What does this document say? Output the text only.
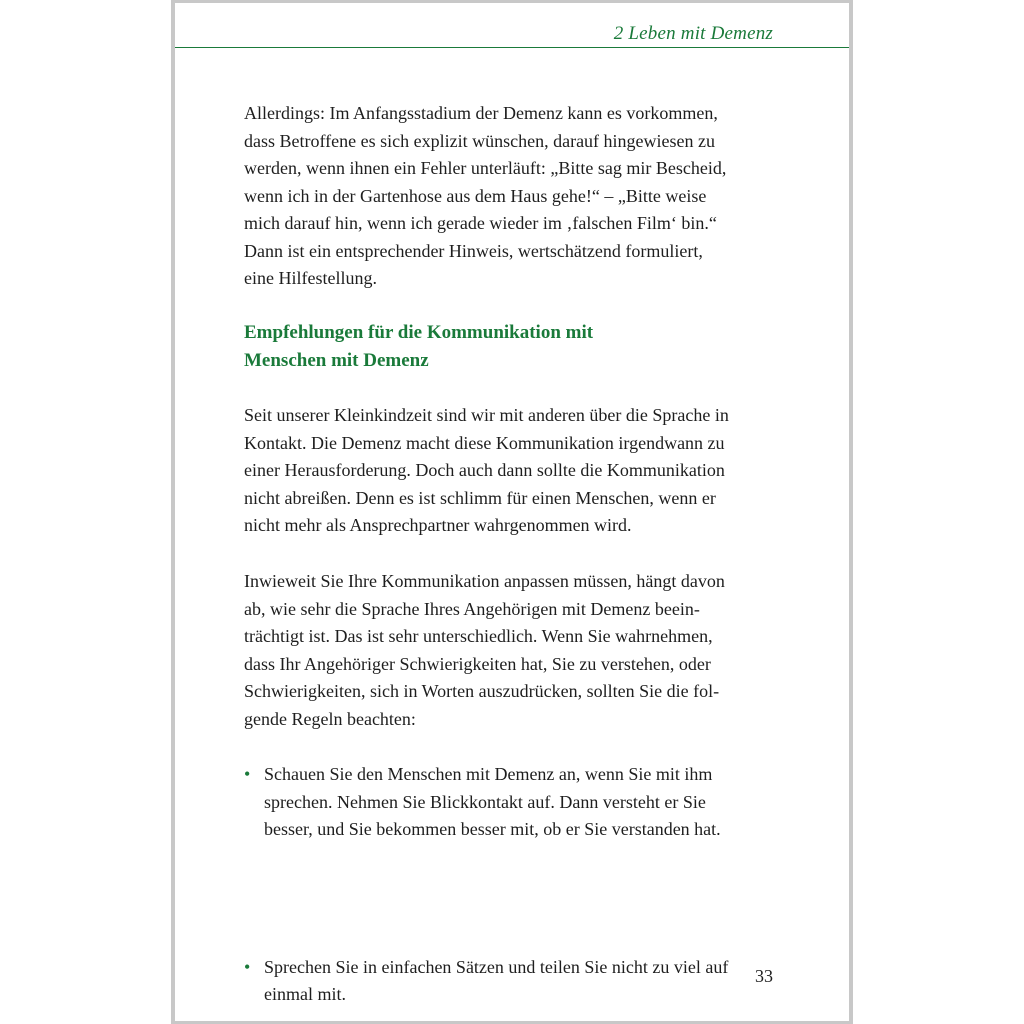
2 Leben mit Demenz

Allerdings: Im Anfangsstadium der Demenz kann es vorkommen,
dass Betroffene es sich explizit wünschen, darauf hingewiesen zu
werden, wenn ihnen ein Fehler unterläuft: „Bitte sag mir Bescheid,
wenn ich in der Gartenhose aus dem Haus gehe!“ – „Bitte weise
mich darauf hin, wenn ich gerade wieder im ‚falschen Film‘ bin.“
Dann ist ein entsprechender Hinweis, wertschätzend formuliert,
eine Hilfestellung.

Empfehlungen für die Kommunikation mit
Menschen mit Demenz

Seit unserer Kleinkindzeit sind wir mit anderen über die Sprache in
Kontakt. Die Demenz macht diese Kommunikation irgendwann zu
einer Herausforderung. Doch auch dann sollte die Kommunikation
nicht abreißen. Denn es ist schlimm für einen Menschen, wenn er
nicht mehr als Ansprechpartner wahrgenommen wird.

Inwieweit Sie Ihre Kommunikation anpassen müssen, hängt davon
ab, wie sehr die Sprache Ihres Angehörigen mit Demenz beein-
trächtigt ist. Das ist sehr unterschiedlich. Wenn Sie wahrnehmen,
dass Ihr Angehöriger Schwierigkeiten hat, Sie zu verstehen, oder
Schwierigkeiten, sich in Worten auszudrücken, sollten Sie die fol-
gende Regeln beachten:

• Schauen Sie den Menschen mit Demenz an, wenn Sie mit ihm
sprechen. Nehmen Sie Blickkontakt auf. Dann versteht er Sie
besser, und Sie bekommen besser mit, ob er Sie verstanden hat.
• Sprechen Sie in einfachen Sätzen und teilen Sie nicht zu viel auf
einmal mit.
33
